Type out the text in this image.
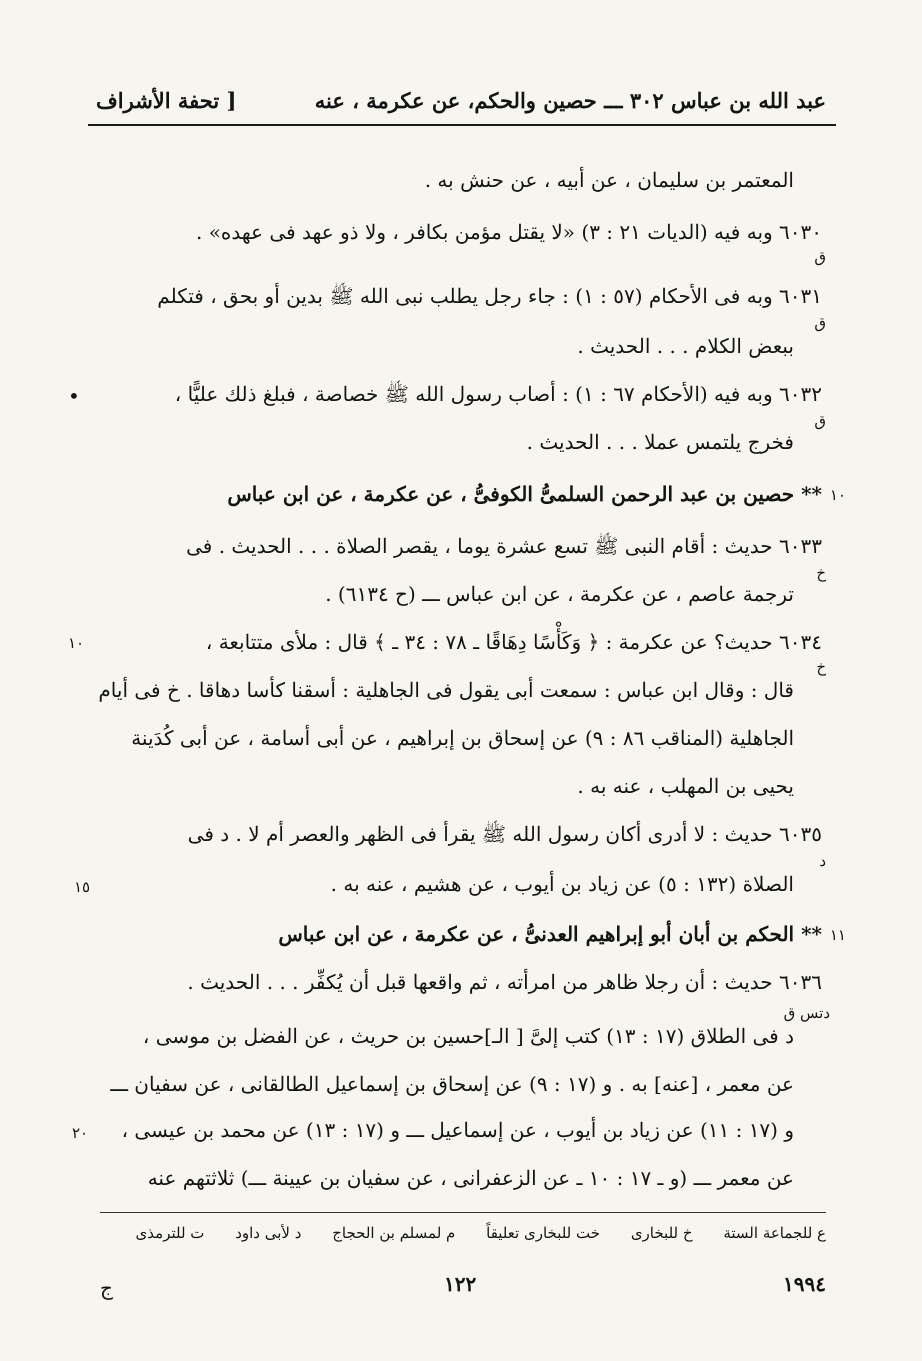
عبد الله بن عباس ٣٠٢ ـــ حصين والحكم، عن عكرمة ، عنه
[ تحفة الأشراف
المعتمر بن سليمان ، عن أبيه ، عن حنش به .
٦٠٣٠ وبه فيه (الديات ٢١ : ٣) «لا يقتل مؤمن بكافر ، ولا ذو عهد فى عهده» .
ق
٦٠٣١ وبه فى الأحكام (٥٧ : ١) : جاء رجل يطلب نبى الله ﷺ بدين أو بحق ، فتكلم
ق
ببعض الكلام . . . الحديث .
٦٠٣٢ وبه فيه (الأحكام ٦٧ : ١) : أصاب رسول الله ﷺ خصاصة ، فبلغ ذلك عليًّا ،
ق
•
فخرج يلتمس عملا . . . الحديث .
** حصين بن عبد الرحمن السلمىُّ الكوفىُّ ، عن عكرمة ، عن ابن عباس ١٠
٦٠٣٣ حديث : أقام النبى ﷺ تسع عشرة يوما ، يقصر الصلاة . . . الحديث . فى
خ
ترجمة عاصم ، عن عكرمة ، عن ابن عباس ـــ (ح ٦١٣٤) .
٦٠٣٤ حديث؟ عن عكرمة : ﴿ وَكَأْسًا دِهَاقًا ـ ٧٨ : ٣٤ ـ ﴾ قال : ملأى متتابعة ،
١٠
خ
قال : وقال ابن عباس : سمعت أبى يقول فى الجاهلية : أسقنا كأسا دهاقا . خ فى أيام
الجاهلية (المناقب ٨٦ : ٩) عن إسحاق بن إبراهيم ، عن أبى أسامة ، عن أبى كُدَينة
يحيى بن المهلب ، عنه به .
٦٠٣٥ حديث : لا أدرى أكان رسول الله ﷺ يقرأ فى الظهر والعصر أم لا . د فى
د
الصلاة (١٣٢ : ٥) عن زياد بن أيوب ، عن هشيم ، عنه به .
١٥
** الحكم بن أبان أبو إبراهيم العدنىُّ ، عن عكرمة ، عن ابن عباس ١١
٦٠٣٦ حديث : أن رجلا ظاهر من امرأته ، ثم واقعها قبل أن يُكفِّر . . . الحديث .
دتس ق
د فى الطلاق (١٧ : ١٣) كتب إلىَّ [ الـ]حسين بن حريث ، عن الفضل بن موسى ،
عن معمر ، [عنه] به . و (١٧ : ٩) عن إسحاق بن إسماعيل الطالقانى ، عن سفيان ـــ
و (١٧ : ١١) عن زياد بن أيوب ، عن إسماعيل ـــ و (١٧ : ١٣) عن محمد بن عيسى ،
٢٠
عن معمر ـــ (و ـ ١٧ : ١٠ ـ عن الزعفرانى ، عن سفيان بن عيينة ـــ) ثلاثتهم عنه
ع للجماعة الستة خ للبخارى خت للبخارى تعليقاً م لمسلم بن الحجاج د لأبى داود ت للترمذى
ج	١٢٢	١٩٩٤
